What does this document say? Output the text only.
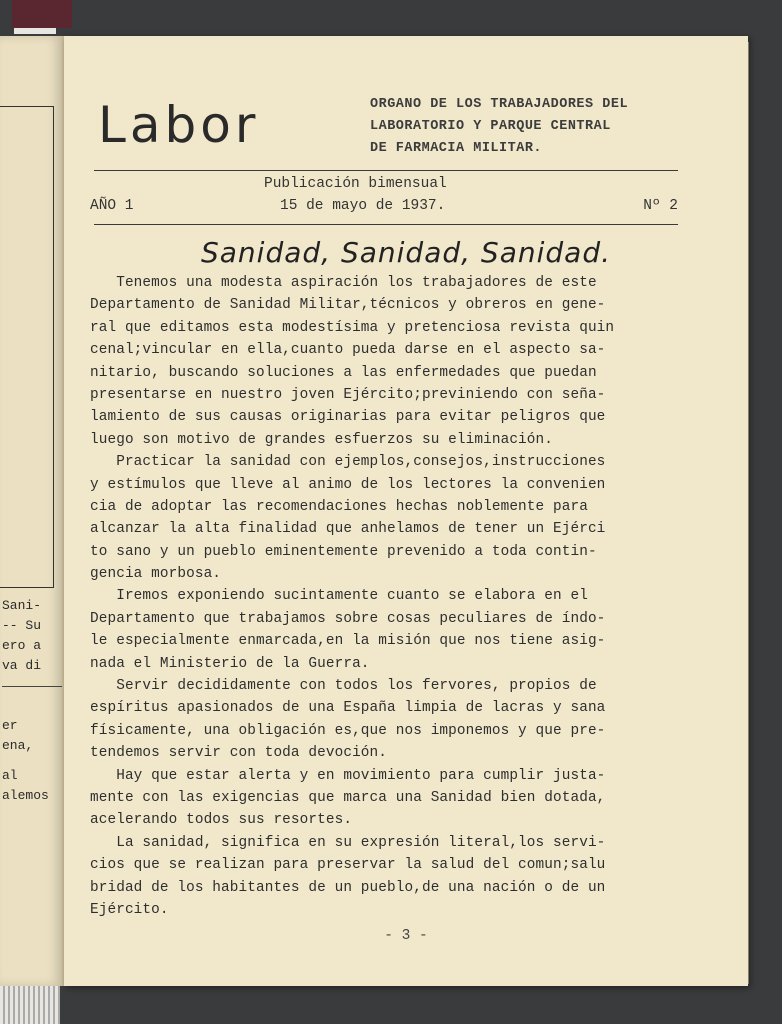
Sani-
-- Su
ero a
va di
er
ena,
al
alemos
Labor	ORGANO DE LOS TRABAJADORES DEL
LABORATORIO Y PARQUE CENTRAL
DE FARMACIA MILITAR.
Publicación bimensual
AÑO 1	15 de mayo de 1937.	Nº 2
Sanidad, Sanidad, Sanidad.
Tenemos una modesta aspiración los trabajadores de este
Departamento de Sanidad Militar,técnicos y obreros en gene-
ral que editamos esta modestísima y pretenciosa revista quin
cenal;vincular en ella,cuanto pueda darse en el aspecto sa-
nitario, buscando soluciones a las enfermedades que puedan
presentarse en nuestro joven Ejército;previniendo con seña-
lamiento de sus causas originarias para evitar peligros que
luego son motivo de grandes esfuerzos su eliminación.
Practicar la sanidad con ejemplos,consejos,instrucciones
y estímulos que lleve al animo de los lectores la convenien
cia de adoptar las recomendaciones hechas noblemente para
alcanzar la alta finalidad que anhelamos de tener un Ejérci
to sano y un pueblo eminentemente prevenido a toda contin-
gencia morbosa.
Iremos exponiendo sucintamente cuanto se elabora en el
Departamento que trabajamos sobre cosas peculiares de índo-
le especialmente enmarcada,en la misión que nos tiene asig-
nada el Ministerio de la Guerra.
Servir decididamente con todos los fervores, propios de
espíritus apasionados de una España limpia de lacras y sana
físicamente, una obligación es,que nos imponemos y que pre-
tendemos servir con toda devoción.
Hay que estar alerta y en movimiento para cumplir justa-
mente con las exigencias que marca una Sanidad bien dotada,
acelerando todos sus resortes.
La sanidad, significa en su expresión literal,los servi-
cios que se realizan para preservar la salud del comun;salu
bridad de los habitantes de un pueblo,de una nación o de un
Ejército.
- 3 -
